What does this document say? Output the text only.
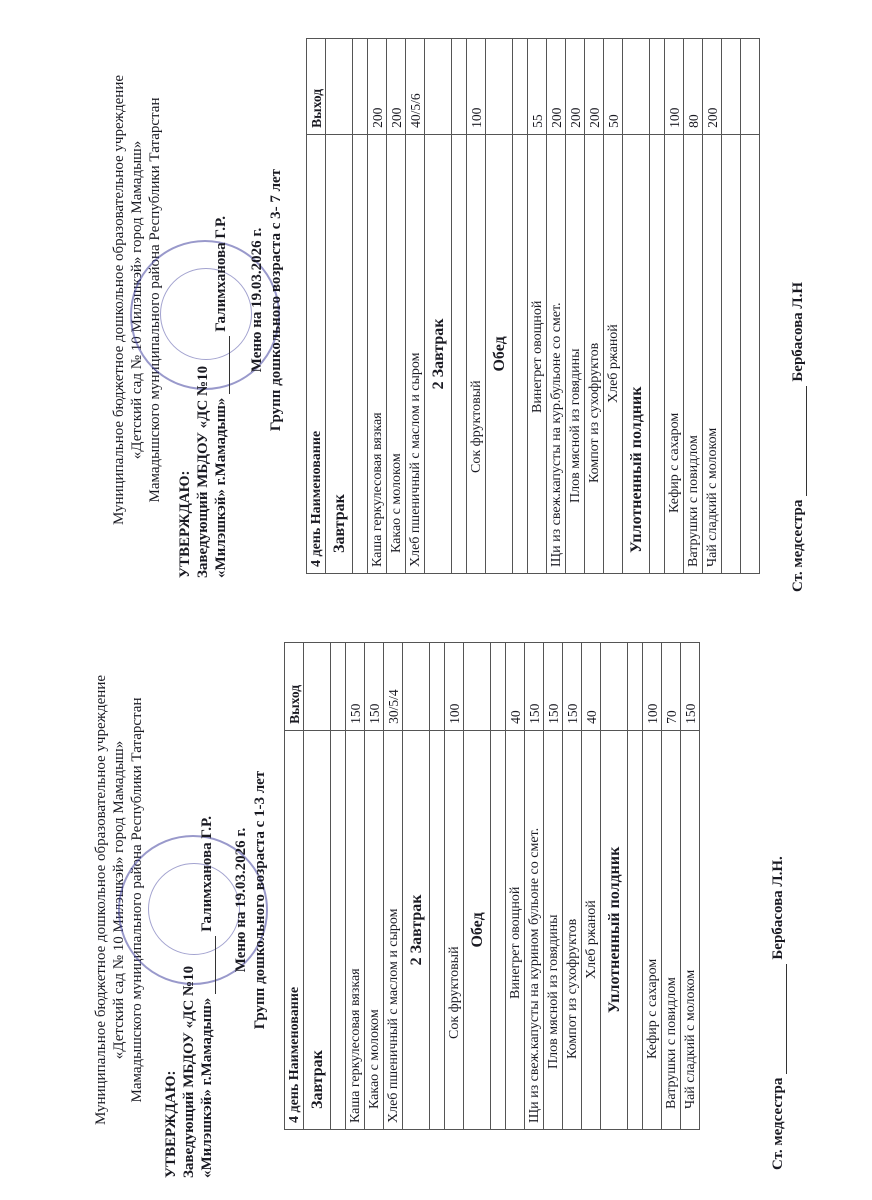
Муниципальное бюджетное дошкольное образовательное учреждение «Детский сад № 10 Милэшкэй» город Мамадыш» Мамадышского муниципального района Республики Татарстан
УТВЕРЖДАЮ: Заведующий МБДОУ «ДС №10 «Милэшкэй» г.Мамадыш»Галимханова Г.Р. Меню на 19.03.2026 г. Групп дошкольного возраста с 1-3 лет
4 день Наименование	Выход
Завтрак	

Каша геркулесовая вязкая	150
Какао с молоком	150
Хлеб пшеничный с маслом и сыром	30/5/4
2 Завтрак	

Сок фруктовый	100
Обед	

Винегрет овощной	40
Щи из свеж.капусты на курином бульоне со смет.	150
Плов мясной из говядины	150
Компот из сухофруктов	150
Хлеб ржаной	40
Уплотненный полдник	

Кефир с сахаром	100
Ватрушки с повидлом	70
Чай сладкий с молоком	150
Ст. медсестраБербасова Л.Н.
Муниципальное бюджетное дошкольное образовательное учреждение «Детский сад № 10 Милэшкэй» город Мамадыш» Мамадышского муниципального района Республики Татарстан
УТВЕРЖДАЮ: Заведующий МБДОУ «ДС №10 «Милэшкэй» г.Мамадыш»Галимханова Г.Р. Меню на 19.03.2026 г. Групп дошкольного возраста с 3- 7 лет
4 день Наименование	Выход
Завтрак	

Каша геркулесовая вязкая	200
Какао с молоком	200
Хлеб пшеничный с маслом и сыром	40/5/6
2 Завтрак	

Сок фруктовый	100
Обед	

Винегрет овощной	55
Щи из свеж.капусты на кур.бульоне со смет.	200
Плов мясной из говядины	200
Компот из сухофруктов	200
Хлеб ржаной	50
Уплотненный полдник	

Кефир с сахаром	100
Ватрушки с повидлом	80
Чай сладкий с молоком	200

Ст. медсестраБербасова Л.Н
